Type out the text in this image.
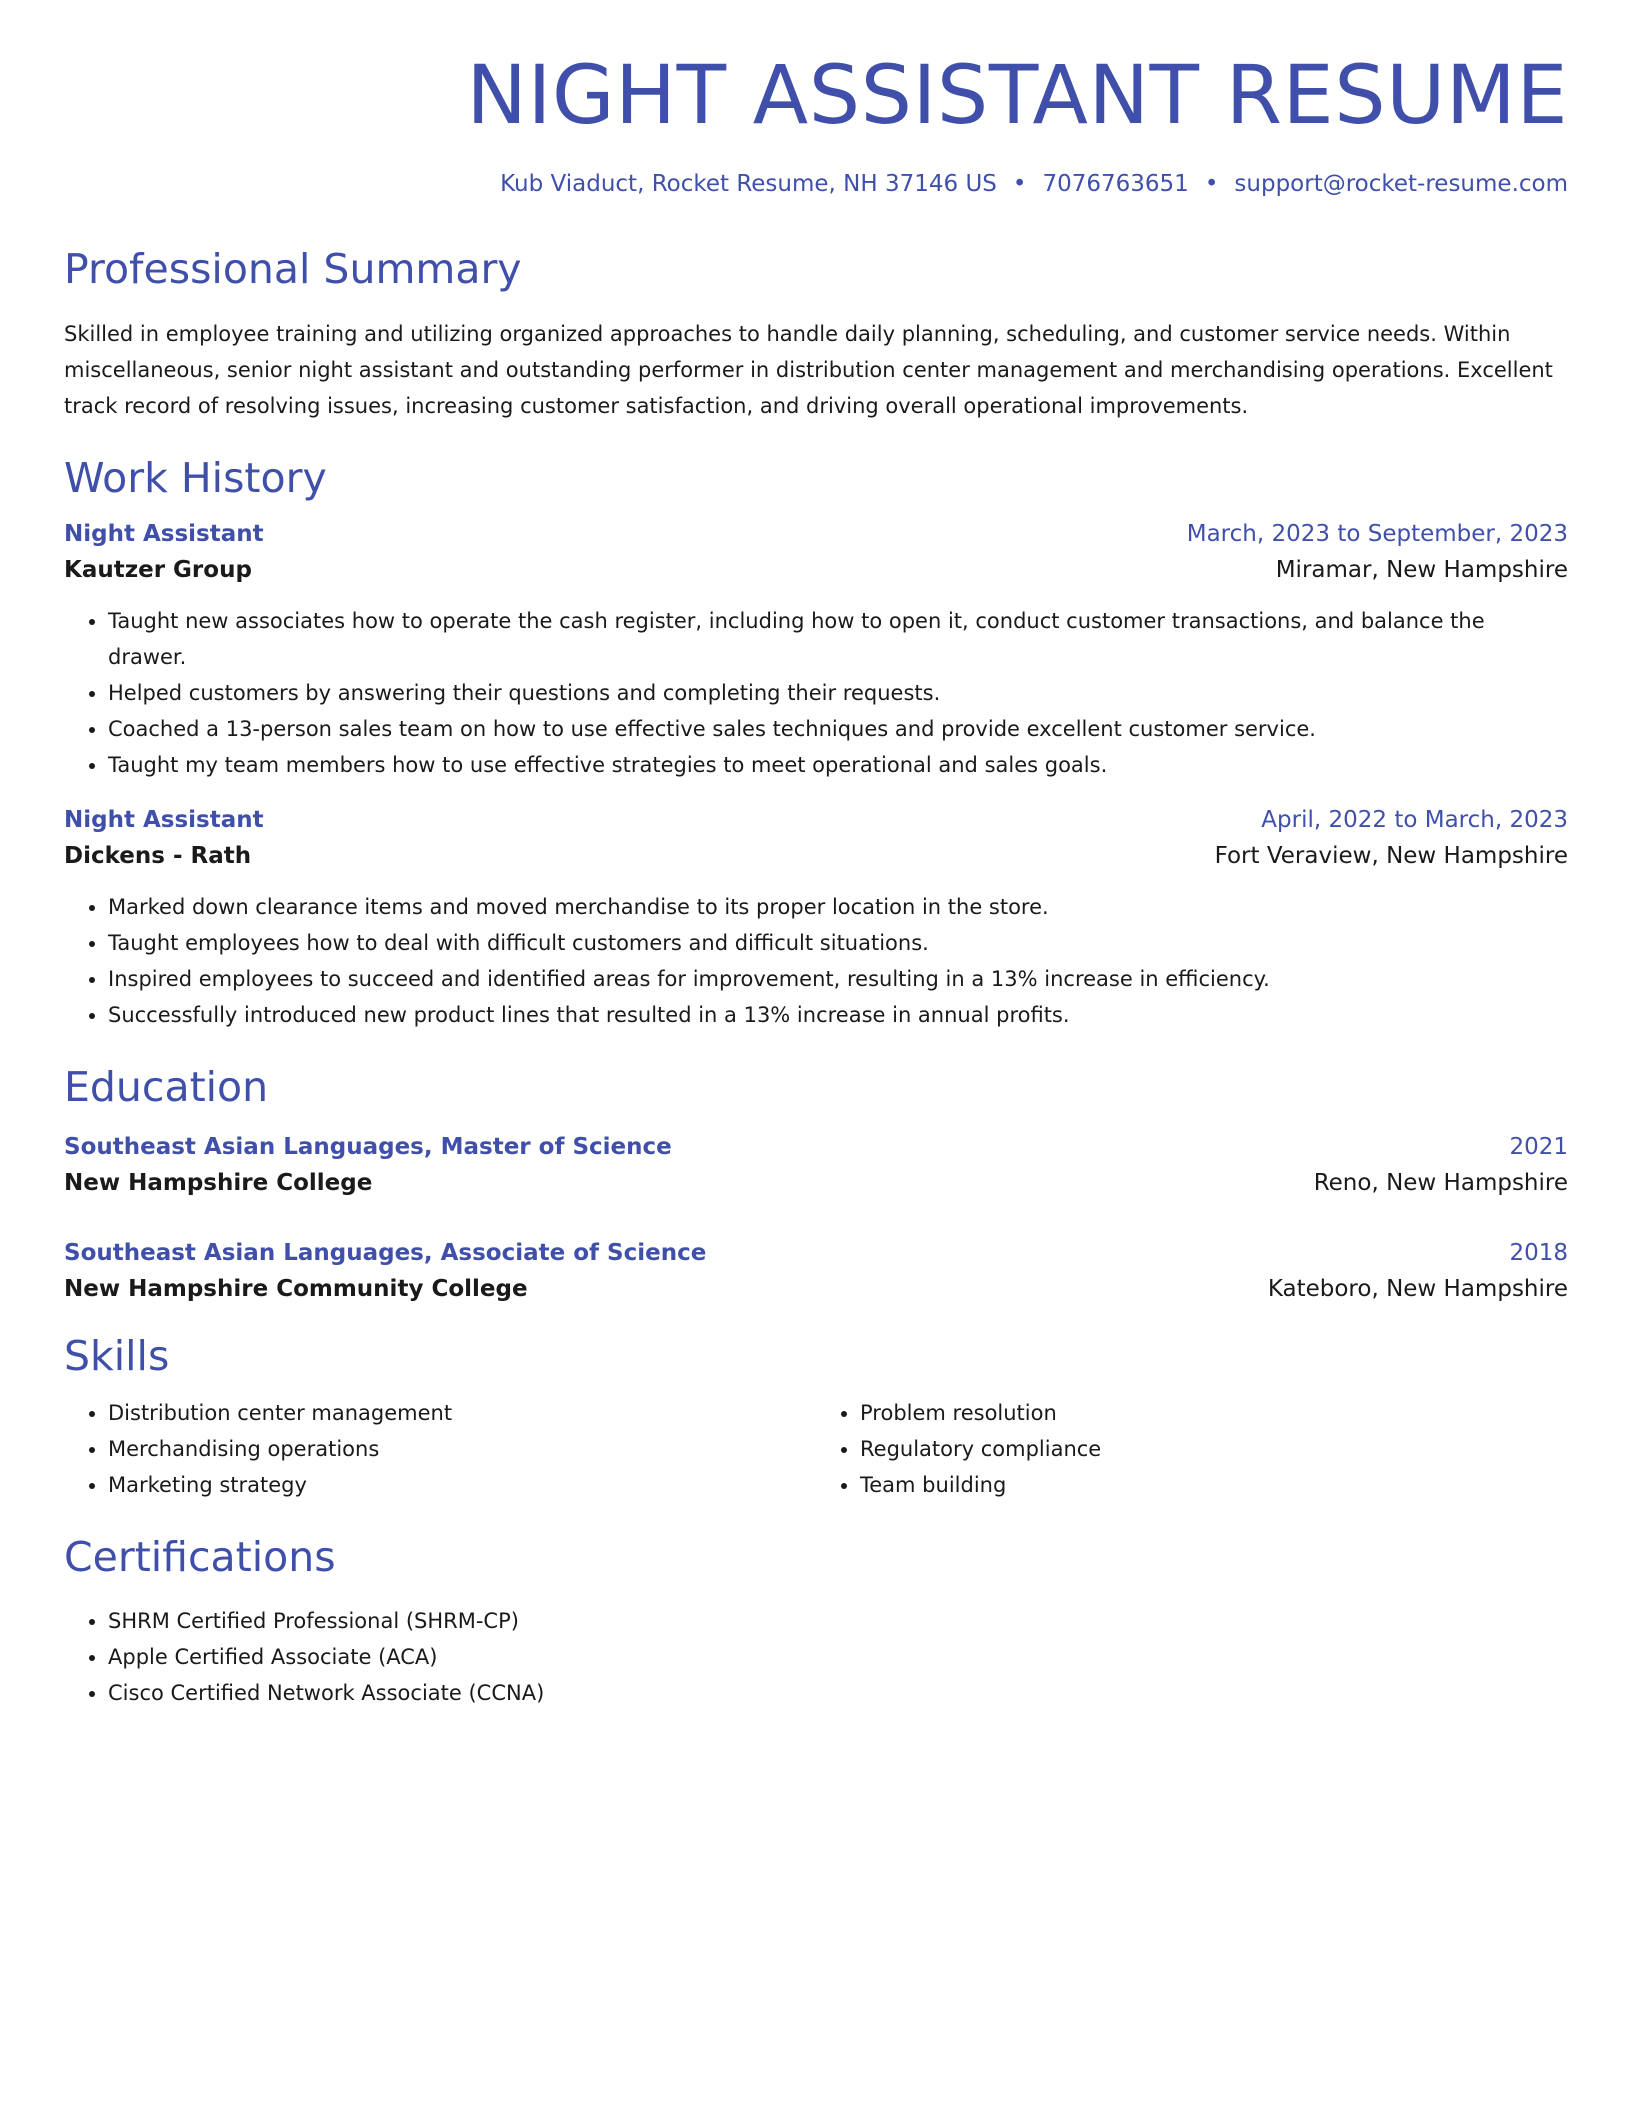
NIGHT ASSISTANT RESUME
Kub Viaduct, Rocket Resume, NH 37146 US • 7076763651 • support@rocket-resume.com
Professional Summary

Skilled in employee training and utilizing organized approaches to handle daily planning, scheduling, and customer service needs. Within miscellaneous, senior night assistant and outstanding performer in distribution center management and merchandising operations. Excellent track record of resolving issues, increasing customer satisfaction, and driving overall operational improvements.

Work History
Night Assistant	March, 2023 to September, 2023
Kautzer Group	Miramar, New Hampshire
• Taught new associates how to operate the cash register, including how to open it, conduct customer transactions, and balance the drawer.
• Helped customers by answering their questions and completing their requests.
• Coached a 13-person sales team on how to use effective sales techniques and provide excellent customer service.
• Taught my team members how to use effective strategies to meet operational and sales goals.
Night Assistant	April, 2022 to March, 2023
Dickens - Rath	Fort Veraview, New Hampshire
• Marked down clearance items and moved merchandise to its proper location in the store.
• Taught employees how to deal with difficult customers and difficult situations.
• Inspired employees to succeed and identified areas for improvement, resulting in a 13% increase in efficiency.
• Successfully introduced new product lines that resulted in a 13% increase in annual profits.
Education
Southeast Asian Languages, Master of Science	2021
New Hampshire College	Reno, New Hampshire
Southeast Asian Languages, Associate of Science	2018
New Hampshire Community College	Kateboro, New Hampshire
Skills
• Distribution center management
• Merchandising operations
• Marketing strategy
• Problem resolution
• Regulatory compliance
• Team building
Certifications
• SHRM Certified Professional (SHRM-CP)
• Apple Certified Associate (ACA)
• Cisco Certified Network Associate (CCNA)
